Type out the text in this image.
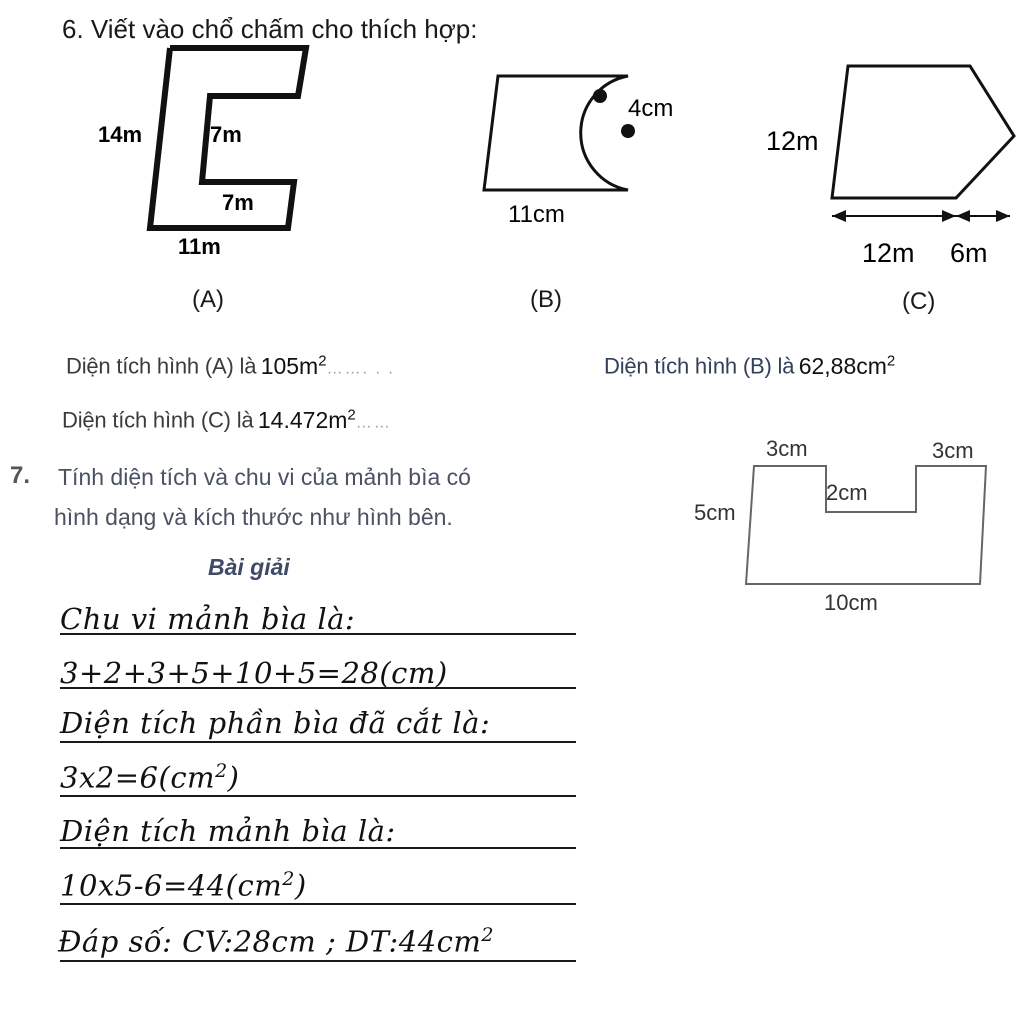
6. Viết vào chổ chấm cho thích hợp:
14m	7m
7m
11m
(A)
4cm
11cm
(B)
12m
12m 6m
(C)
Diện tích hình (A) là $105m^2\dots\dots$. . .	Diện tích hình (B) là $62,88cm^2$
Diện tích hình (C) là $14.472m^2\dots\dots$
7. Tính diện tích và chu vi của mảnh bìa có
hình dạng và kích thước như hình bên.
Bài giải
3cm	3cm
2cm
5cm
10cm
Chu vi mảnh bìa là:
3+2+3+5+10+5=28(cm)
Diện tích phần bìa đã cắt là:
$3x2=6(cm^2)$
Diện tích mảnh bìa là:
$10x5-6=44(cm^2)$
Đáp số: CV:28cm ; $DT:44cm^2$
